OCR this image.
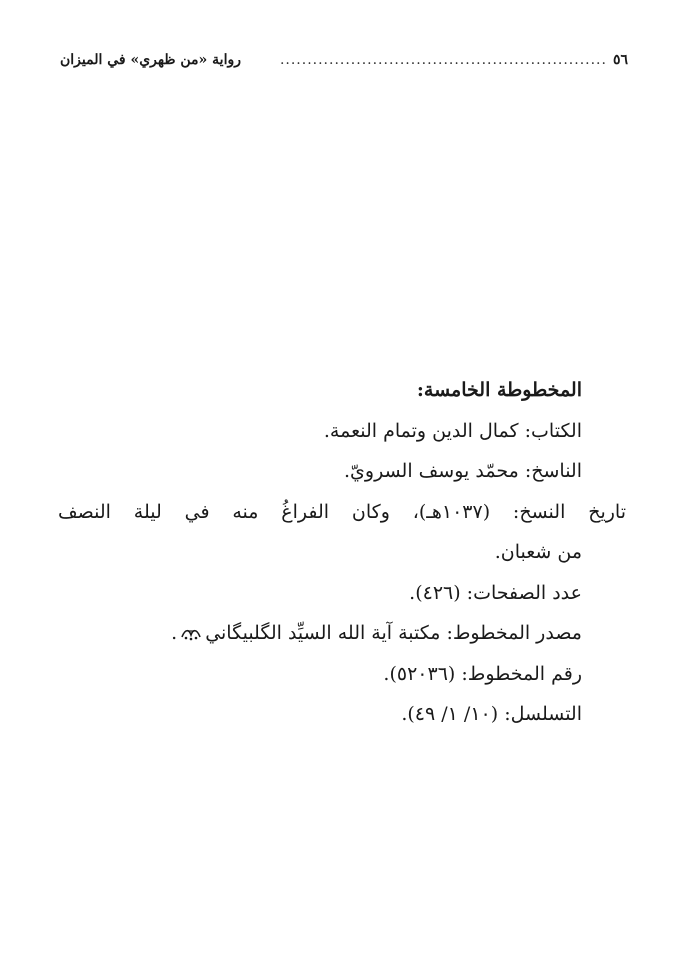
٥٦
............................................................
رواية «من ظهري» في الميزان

المخطوطة الخامسة:

الكتاب: كمال الدين وتمام النعمة.

الناسخ: محمّد يوسف السرويّ.

تاريخ النسخ: (١٠٣٧هـ)، وكان الفراغُ منه في ليلة النصف
من شعبان.

عدد الصفحات: (٤٢٦).

مصدر المخطوط: مكتبة آية الله السيِّد الگلبيگاني.

رقم المخطوط: (٥٢٠٣٦).

التسلسل: (١٠/ ١/ ٤٩).
